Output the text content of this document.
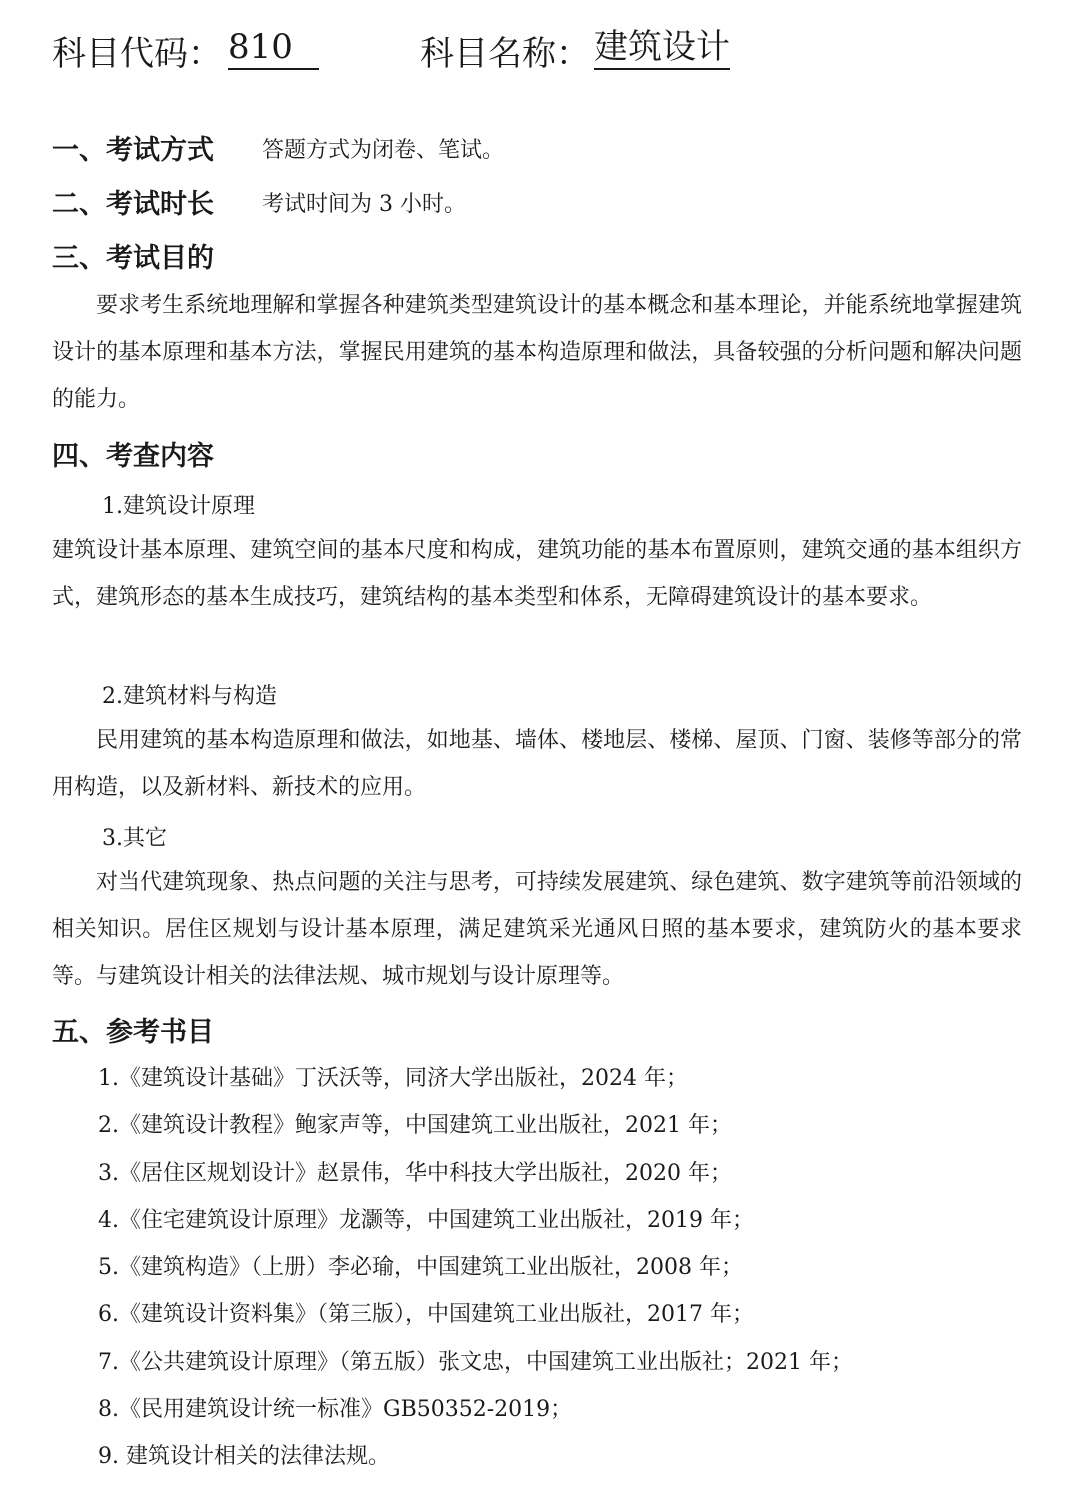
科目代码： 810	科目名称： 建筑设计
一、考试方式 答题方式为闭卷、笔试。
二、考试时长 考试时间为 3 小时。
三、考试目的
要求考生系统地理解和掌握各种建筑类型建筑设计的基本概念和基本理论，并能系统地掌握建筑设计的基本原理和基本方法，掌握民用建筑的基本构造原理和做法，具备较强的分析问题和解决问题的能力。
四、考查内容
1.建筑设计原理
建筑设计基本原理、建筑空间的基本尺度和构成，建筑功能的基本布置原则，建筑交通的基本组织方式，建筑形态的基本生成技巧，建筑结构的基本类型和体系，无障碍建筑设计的基本要求。
2.建筑材料与构造
民用建筑的基本构造原理和做法，如地基、墙体、楼地层、楼梯、屋顶、门窗、装修等部分的常用构造，以及新材料、新技术的应用。
3.其它
对当代建筑现象、热点问题的关注与思考，可持续发展建筑、绿色建筑、数字建筑等前沿领域的相关知识。居住区规划与设计基本原理，满足建筑采光通风日照的基本要求，建筑防火的基本要求等。与建筑设计相关的法律法规、城市规划与设计原理等。
五、参考书目
1.《建筑设计基础》丁沃沃等，同济大学出版社，2024 年；
2.《建筑设计教程》鲍家声等，中国建筑工业出版社，2021 年；
3.《居住区规划设计》赵景伟，华中科技大学出版社，2020 年；
4.《住宅建筑设计原理》龙灏等，中国建筑工业出版社，2019 年；
5.《建筑构造》（上册）李必瑜，中国建筑工业出版社，2008 年；
6.《建筑设计资料集》（第三版），中国建筑工业出版社，2017 年；
7.《公共建筑设计原理》（第五版）张文忠，中国建筑工业出版社；2021 年；
8.《民用建筑设计统一标准》GB50352-2019；
9. 建筑设计相关的法律法规。
